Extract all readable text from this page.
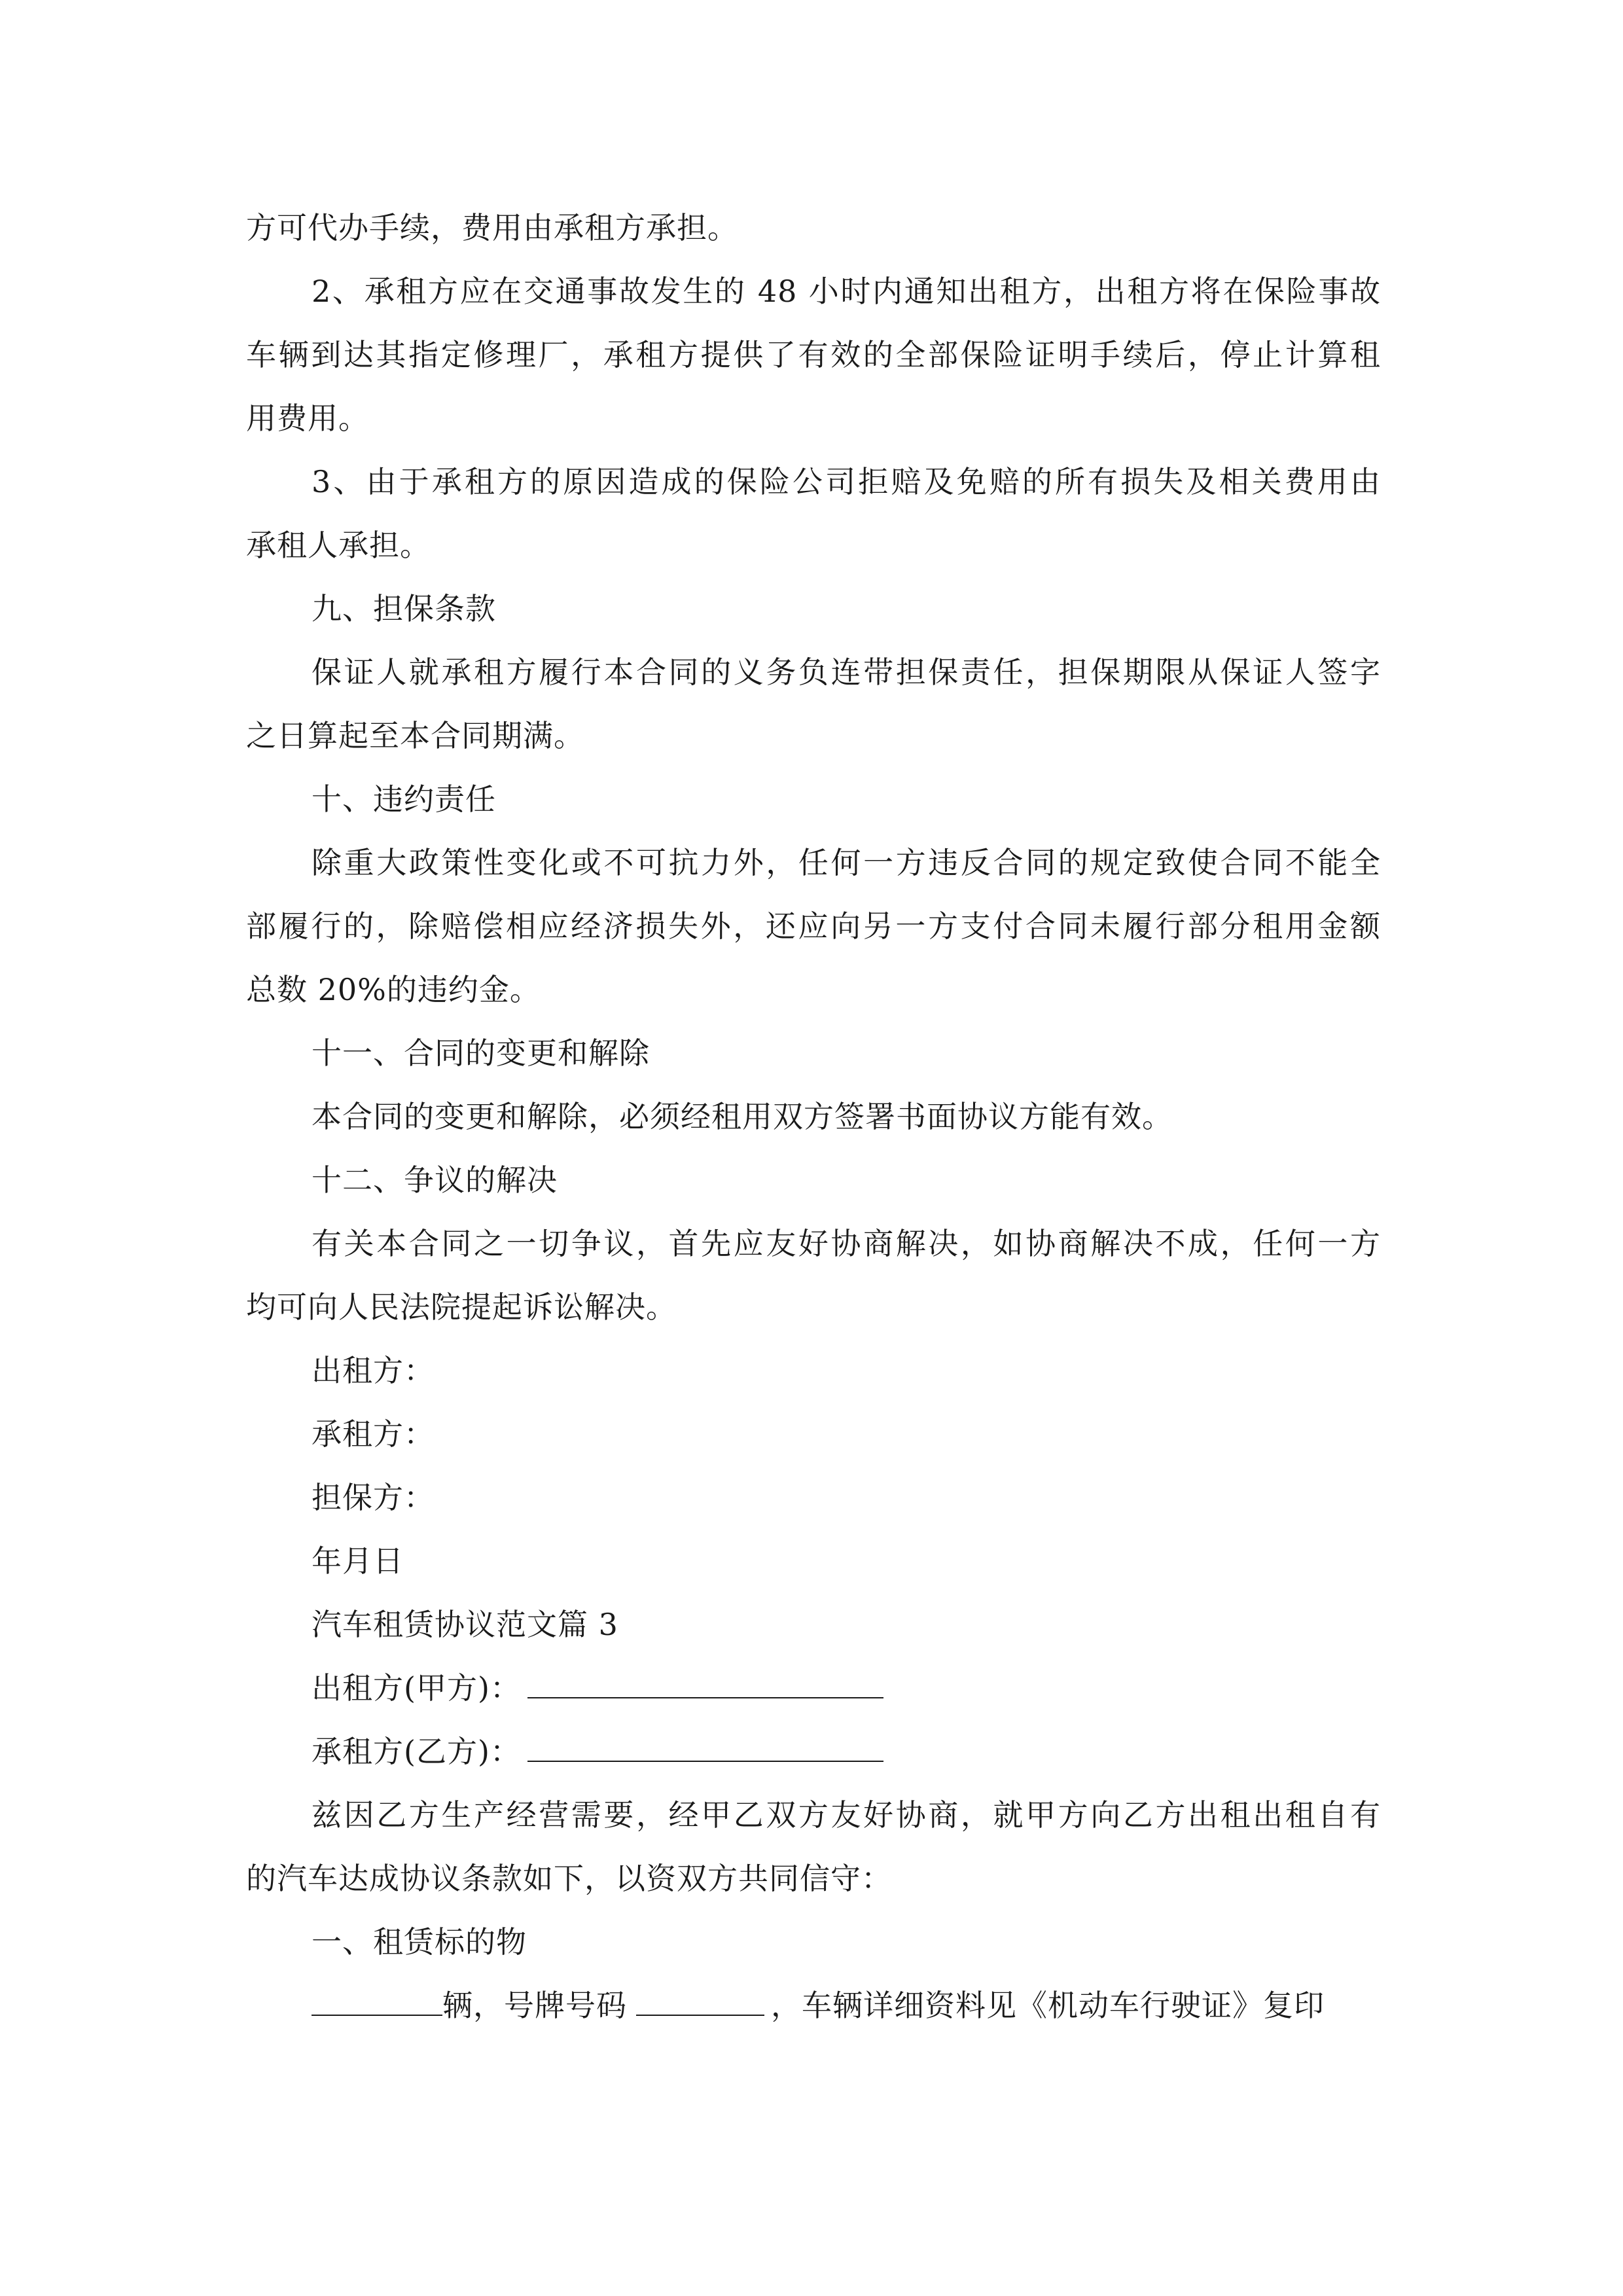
方可代办手续，费用由承租方承担。
2、承租方应在交通事故发生的 48 小时内通知出租方，出租方将在保险事故
车辆到达其指定修理厂，承租方提供了有效的全部保险证明手续后，停止计算租
用费用。
3、由于承租方的原因造成的保险公司拒赔及免赔的所有损失及相关费用由
承租人承担。
九、担保条款
保证人就承租方履行本合同的义务负连带担保责任，担保期限从保证人签字
之日算起至本合同期满。
十、违约责任
除重大政策性变化或不可抗力外，任何一方违反合同的规定致使合同不能全
部履行的，除赔偿相应经济损失外，还应向另一方支付合同未履行部分租用金额
总数 20%的违约金。
十一、合同的变更和解除
本合同的变更和解除，必须经租用双方签署书面协议方能有效。
十二、争议的解决
有关本合同之一切争议，首先应友好协商解决，如协商解决不成，任何一方
均可向人民法院提起诉讼解决。
出租方：
承租方：
担保方：
年月日
汽车租赁协议范文篇 3
出租方(甲方)：
承租方(乙方)：
兹因乙方生产经营需要，经甲乙双方友好协商，就甲方向乙方出租出租自有
的汽车达成协议条款如下，以资双方共同信守：
一、租赁标的物
辆，号牌号码	，车辆详细资料见《机动车行驶证》复印
